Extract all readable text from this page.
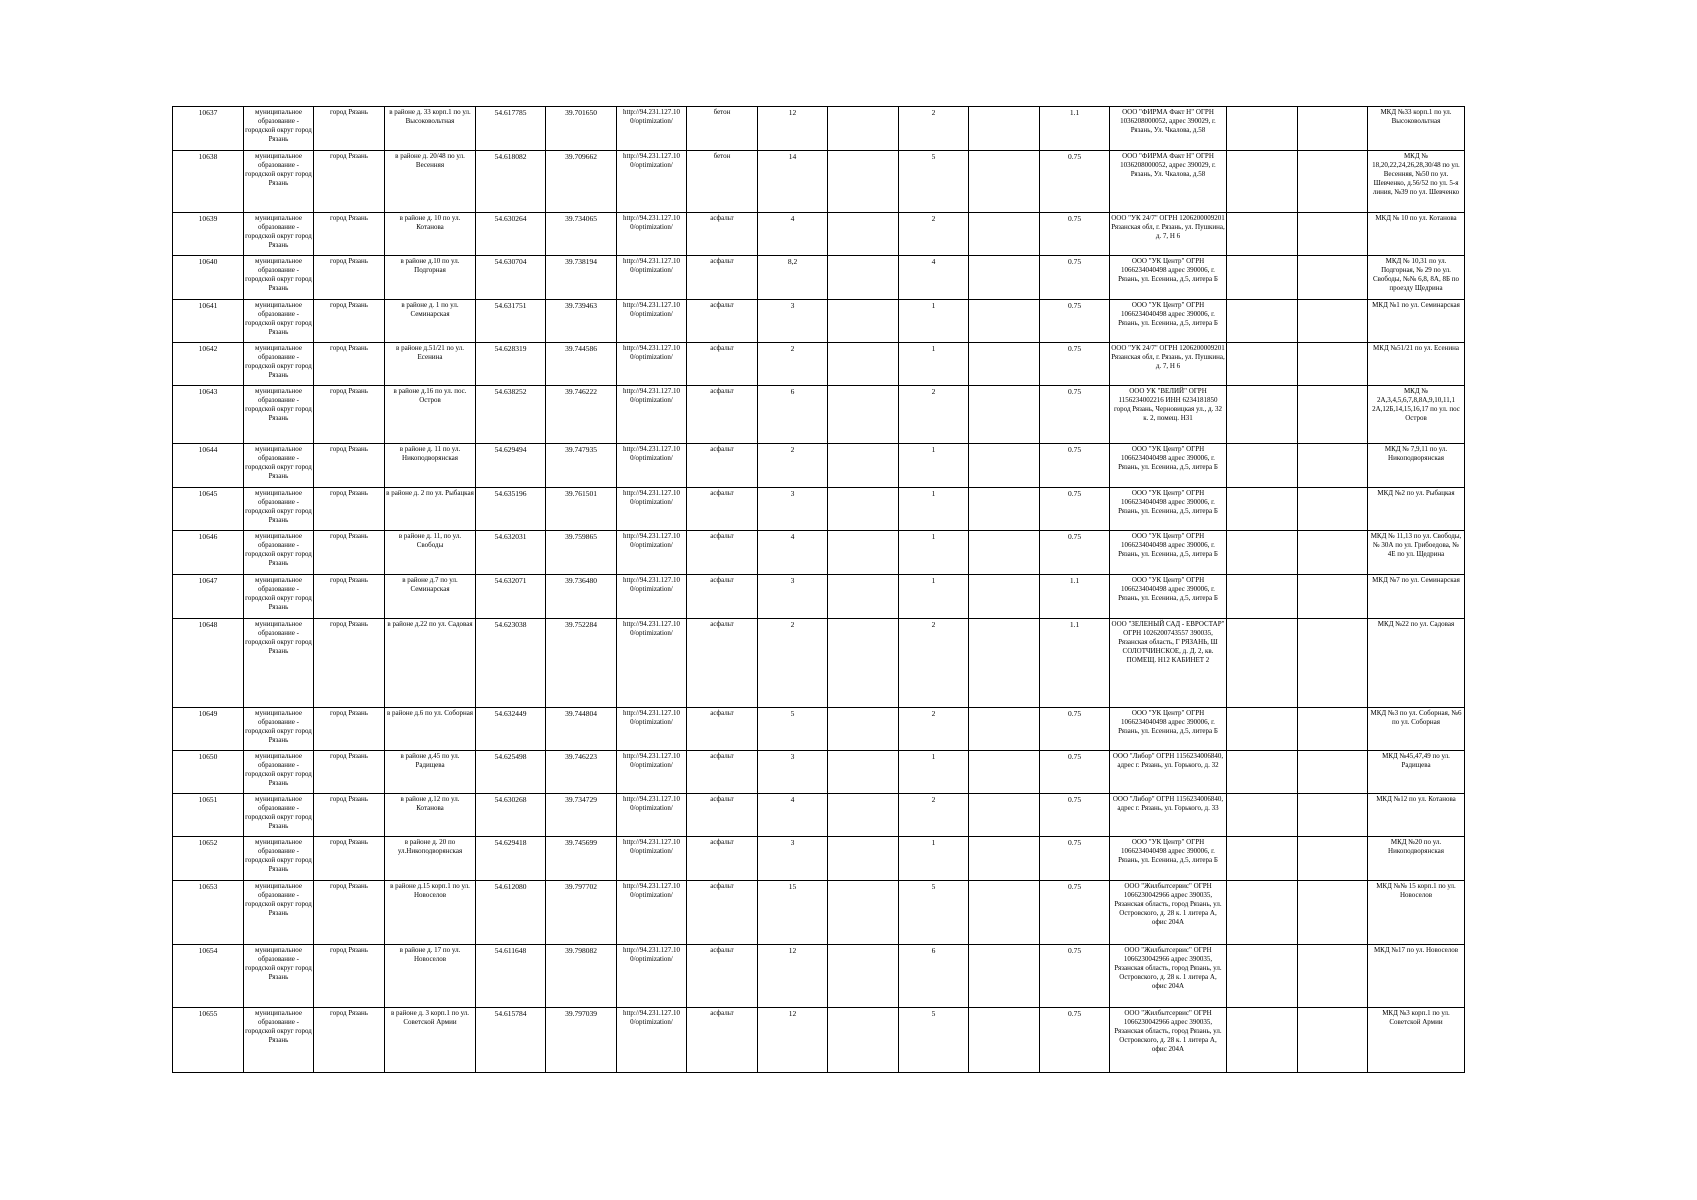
10637	муниципальное образование - городской округ город Рязань	город Рязань	в районе д. 33 корп.1 по ул. Высоковольтная	54.617785	39.701650	http://94.231.127.10 0/optimization/	бетон	12		2		1.1	ООО "ФИРМА Факт Н" ОГРН 1036208000052, адрес 390029, г. Рязань, Ул. Чкалова, д.58			МКД №33 корп.1 по ул. Высоковольтная
10638	муниципальное образование - городской округ город Рязань	город Рязань	в районе д. 20/48 по ул. Весенняя	54.618082	39.709662	http://94.231.127.10 0/optimization/	бетон	14		5		0.75	ООО "ФИРМА Факт Н" ОГРН 1036208000052, адрес 390029, г. Рязань, Ул. Чкалова, д.58			МКД № 18,20,22,24,26,28,30/48 по ул. Весенняя, №50 по ул. Шевченко, д.56/52 по ул. 5-я линия, №39 по ул. Шевченко
10639	муниципальное образование - городской округ город Рязань	город Рязань	в районе д. 10 по ул. Котанова	54.630264	39.734065	http://94.231.127.10 0/optimization/	асфальт	4		2		0.75	ООО "УК 24/7" ОГРН 1206200009201 Рязанская обл, г. Рязань, ул. Пушкина, д. 7, Н 6			МКД № 10 по ул. Котанова
10640	муниципальное образование - городской округ город Рязань	город Рязань	в районе д.10 по ул. Подгорная	54.630704	39.738194	http://94.231.127.10 0/optimization/	асфальт	8,2		4		0.75	ООО "УК Центр" ОГРН 1066234040498 адрес 390006, г. Рязань, ул. Есенина, д.5, литера Б			МКД № 10,31 по ул. Подгорная, № 29 по ул. Свободы, №№ 6,8, 8А, 8Б по проезду Щедрина
10641	муниципальное образование - городской округ город Рязань	город Рязань	в районе д. 1 по ул. Семинарская	54.631751	39.739463	http://94.231.127.10 0/optimization/	асфальт	3		1		0.75	ООО "УК Центр" ОГРН 1066234040498 адрес 390006, г. Рязань, ул. Есенина, д.5, литера Б			МКД №1 по ул. Семинарская
10642	муниципальное образование - городской округ город Рязань	город Рязань	в районе д.51/21 по ул. Есенина	54.628319	39.744586	http://94.231.127.10 0/optimization/	асфальт	2		1		0.75	ООО "УК 24/7" ОГРН 1206200009201 Рязанская обл, г. Рязань, ул. Пушкина, д. 7, Н 6			МКД №51/21 по ул. Есенина
10643	муниципальное образование - городской округ город Рязань	город Рязань	в районе д.16 по ул. пос. Остров	54.638252	39.746222	http://94.231.127.10 0/optimization/	асфальт	6		2		0.75	ООО УК "ВЕЛИЙ" ОГРН 1156234002216 ИНН 6234181850 город Рязань, Черновицкая ул., д. 32 к. 2, помещ. Н31			МКД № 2А,3,4,5,6,7,8,8А,9,10,11,1 2А,12Б,14,15,16,17 по ул. пос Остров
10644	муниципальное образование - городской округ город Рязань	город Рязань	в районе д. 11 по ул. Никоподворянская	54.629494	39.747935	http://94.231.127.10 0/optimization/	асфальт	2		1		0.75	ООО "УК Центр" ОГРН 1066234040498 адрес 390006, г. Рязань, ул. Есенина, д.5, литера Б			МКД № 7,9,11 по ул. Никоподворянская
10645	муниципальное образование - городской округ город Рязань	город Рязань	в районе д. 2 по ул. Рыбацкая	54.635196	39.761501	http://94.231.127.10 0/optimization/	асфальт	3		1		0.75	ООО "УК Центр" ОГРН 1066234040498 адрес 390006, г. Рязань, ул. Есенина, д.5, литера Б			МКД №2 по ул. Рыбацкая
10646	муниципальное образование - городской округ город Рязань	город Рязань	в районе д. 11, по ул. Свободы	54.632031	39.759865	http://94.231.127.10 0/optimization/	асфальт	4		1		0.75	ООО "УК Центр" ОГРН 1066234040498 адрес 390006, г. Рязань, ул. Есенина, д.5, литера Б			МКД № 11,13 по ул. Свободы, № 30А по ул. Грибоедова, № 4Е по ул. Щедрина
10647	муниципальное образование - городской округ город Рязань	город Рязань	в районе д.7 по ул. Семинарская	54.632071	39.736480	http://94.231.127.10 0/optimization/	асфальт	3		1		1.1	ООО "УК Центр" ОГРН 1066234040498 адрес 390006, г. Рязань, ул. Есенина, д.5, литера Б			МКД №7 по ул. Семинарская
10648	муниципальное образование - городской округ город Рязань	город Рязань	в районе д.22 по ул. Садовая	54.623038	39.752284	http://94.231.127.10 0/optimization/	асфальт	2		2		1.1	ООО "ЗЕЛЕНЫЙ САД - ЕВРОСТАР" ОГРН 1026200743557 390035, Рязанская область, Г РЯЗАНЬ, Ш СОЛОТЧИНСКОЕ, д. Д. 2, кв. ПОМЕЩ. Н12 КАБИНЕТ 2			МКД №22 по ул. Садовая
10649	муниципальное образование - городской округ город Рязань	город Рязань	в районе д.6 по ул. Соборная	54.632449	39.744804	http://94.231.127.10 0/optimization/	асфальт	5		2		0.75	ООО "УК Центр" ОГРН 1066234040498 адрес 390006, г. Рязань, ул. Есенина, д.5, литера Б			МКД №3 по ул. Соборная, №6 по ул. Соборная
10650	муниципальное образование - городской округ город Рязань	город Рязань	в районе д.45 по ул. Радищева	54.625498	39.746223	http://94.231.127.10 0/optimization/	асфальт	3		1		0.75	ООО "Либор" ОГРН 1156234006840, адрес г. Рязань, ул. Горького, д. 32			МКД №45,47,49 по ул. Радищева
10651	муниципальное образование - городской округ город Рязань	город Рязань	в районе д.12 по ул. Котанова	54.630268	39.734729	http://94.231.127.10 0/optimization/	асфальт	4		2		0.75	ООО "Либор" ОГРН 1156234006840, адрес г. Рязань, ул. Горького, д. 33			МКД №12 по ул. Котанова
10652	муниципальное образование - городской округ город Рязань	город Рязань	в районе д. 20 по ул.Никоподворянская	54.629418	39.745699	http://94.231.127.10 0/optimization/	асфальт	3		1		0.75	ООО "УК Центр" ОГРН 1066234040498 адрес 390006, г. Рязань, ул. Есенина, д.5, литера Б			МКД №20 по ул. Никоподворянская
10653	муниципальное образование - городской округ город Рязань	город Рязань	в районе д.15 корп.1 по ул. Новоселов	54.612080	39.797702	http://94.231.127.10 0/optimization/	асфальт	15		5		0.75	ООО "Жилбытсервис" ОГРН 1066230042966 адрес 390035, Рязанская область, город Рязань, ул. Островского, д. 28 к. 1 литера А, офис 204А			МКД №№ 15 корп.1 по ул. Новоселов
10654	муниципальное образование - городской округ город Рязань	город Рязань	в районе д. 17 по ул. Новоселов	54.611648	39.798082	http://94.231.127.10 0/optimization/	асфальт	12		6		0.75	ООО "Жилбытсервис" ОГРН 1066230042966 адрес 390035, Рязанская область, город Рязань, ул. Островского, д. 28 к. 1 литера А, офис 204А			МКД №17 по ул. Новоселов
10655	муниципальное образование - городской округ город Рязань	город Рязань	в районе д. 3 корп.1 по ул. Советской Армии	54.615784	39.797039	http://94.231.127.10 0/optimization/	асфальт	12		5		0.75	ООО "Жилбытсервис" ОГРН 1066230042966 адрес 390035, Рязанская область, город Рязань, ул. Островского, д. 28 к. 1 литера А, офис 204А			МКД №3 корп.1 по ул. Советской Армии
